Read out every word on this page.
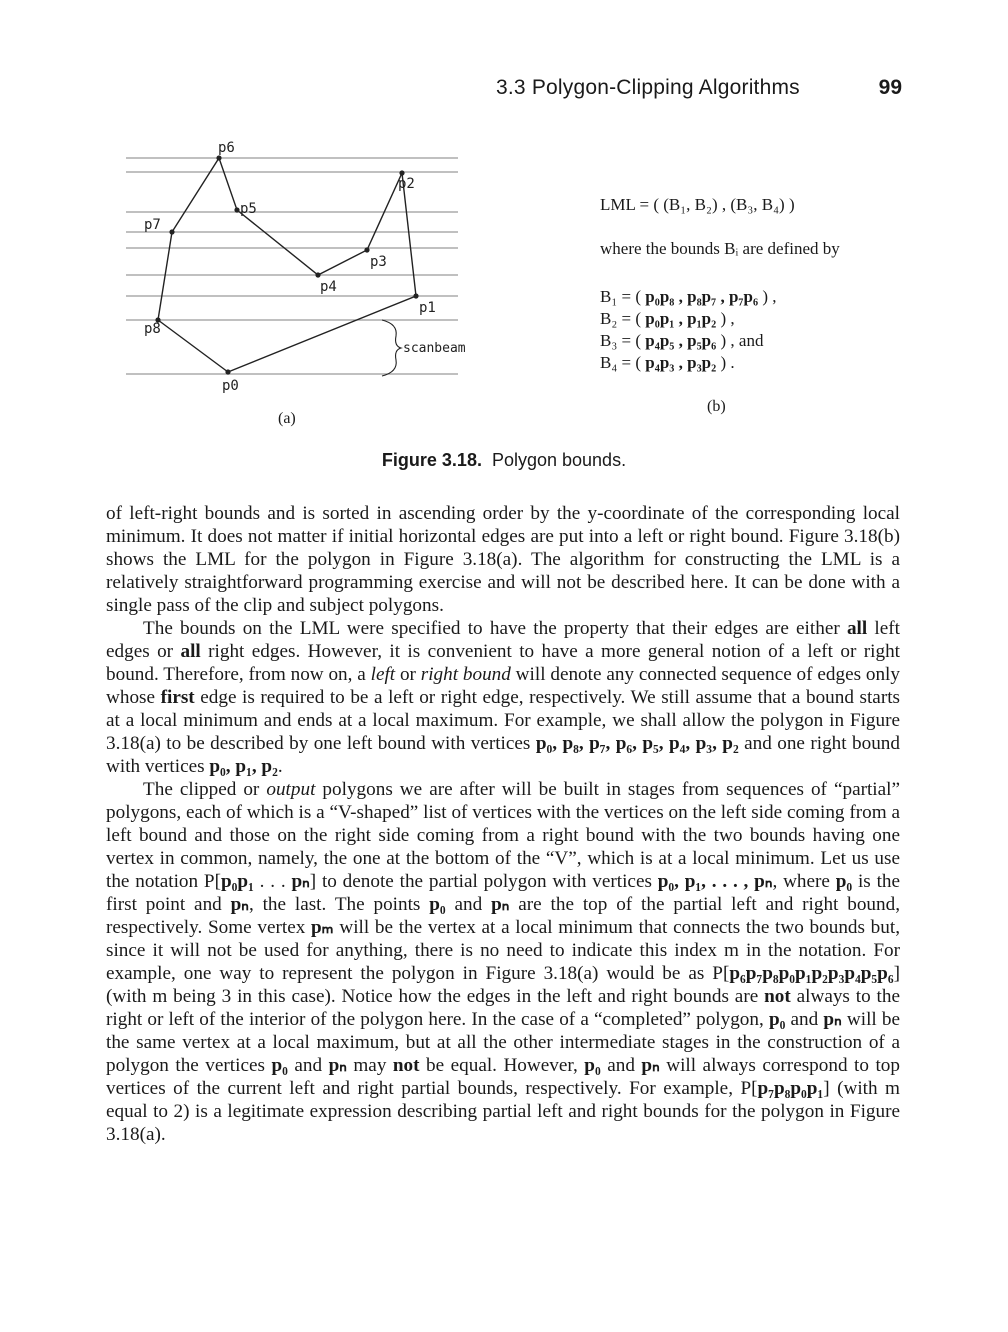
3.3 Polygon-Clipping Algorithms	99
p0
p1
p2
p3
p4
p5
p6
p7
p8
scanbeam
(a)
LML = ( (B₁, B₂) , (B₃, B₄) )
where the bounds Bᵢ are defined by
B₁ = ( p₀p₈ , p₈p₇ , p₇p₆ ) ,
B₂ = ( p₀p₁ , p₁p₂ ) ,
B₃ = ( p₄p₅ , p₅p₆ ) , and
B₄ = ( p₄p₃ , p₃p₂ ) .
(b)
Figure 3.18. Polygon bounds.

of left-right bounds and is sorted in ascending order by the y-coordinate of the corresponding local minimum. It does not matter if initial horizontal edges are put into a left or right bound. Figure 3.18(b) shows the LML for the polygon in Figure 3.18(a). The algorithm for constructing the LML is a relatively straightforward programming exercise and will not be described here. It can be done with a single pass of the clip and subject polygons.

The bounds on the LML were specified to have the property that their edges are either all left edges or all right edges. However, it is convenient to have a more general notion of a left or right bound. Therefore, from now on, a left or right bound will denote any connected sequence of edges only whose first edge is required to be a left or right edge, respectively. We still assume that a bound starts at a local minimum and ends at a local maximum. For example, we shall allow the polygon in Figure 3.18(a) to be described by one left bound with vertices p₀, p₈, p₇, p₆, p₅, p₄, p₃, p₂ and one right bound with vertices p₀, p₁, p₂.

The clipped or output polygons we are after will be built in stages from sequences of “partial” polygons, each of which is a “V-shaped” list of vertices with the vertices on the left side coming from a left bound and those on the right side coming from a right bound with the two bounds having one vertex in common, namely, the one at the bottom of the “V”, which is at a local minimum. Let us use the notation P[p₀p₁ . . . pₙ] to denote the partial polygon with vertices p₀, p₁, . . . , pₙ, where p₀ is the first point and pₙ, the last. The points p₀ and pₙ are the top of the partial left and right bound, respectively. Some vertex pₘ will be the vertex at a local minimum that connects the two bounds but, since it will not be used for anything, there is no need to indicate this index m in the notation. For example, one way to represent the polygon in Figure 3.18(a) would be as P[p₆p₇p₈p₀p₁p₂p₃p₄p₅p₆] (with m being 3 in this case). Notice how the edges in the left and right bounds are not always to the right or left of the interior of the polygon here. In the case of a “completed” polygon, p₀ and pₙ will be the same vertex at a local maximum, but at all the other intermediate stages in the construction of a polygon the vertices p₀ and pₙ may not be equal. However, p₀ and pₙ will always correspond to top vertices of the current left and right partial bounds, respectively. For example, P[p₇p₈p₀p₁] (with m equal to 2) is a legitimate expression describing partial left and right bounds for the polygon in Figure 3.18(a).
